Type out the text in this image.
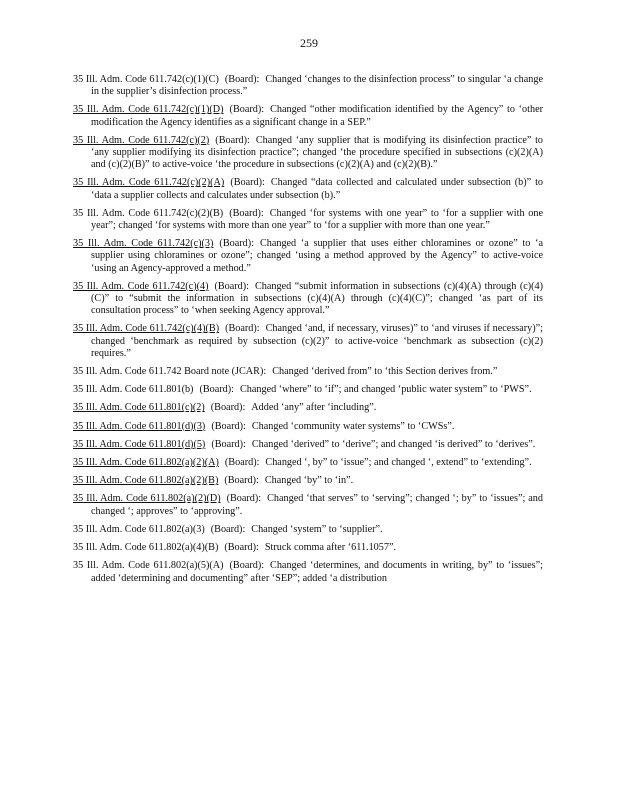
259

35 Ill. Adm. Code 611.742(c)(1)(C) (Board): Changed ‘changes to the disinfection process” to singular ‘a change in the supplier’s disinfection process.”

35 Ill. Adm. Code 611.742(c)(1)(D) (Board): Changed “other modification identified by the Agency” to ‘other modification the Agency identifies as a significant change in a SEP.”

35 Ill. Adm. Code 611.742(c)(2) (Board): Changed ‘any supplier that is modifying its disinfection practice” to ‘any supplier modifying its disinfection practice”; changed ‘the procedure specified in subsections (c)(2)(A) and (c)(2)(B)” to active-voice ‘the procedure in subsections (c)(2)(A) and (c)(2)(B).”

35 Ill. Adm. Code 611.742(c)(2)(A) (Board): Changed “data collected and calculated under subsection (b)” to ‘data a supplier collects and calculates under subsection (b).”

35 Ill. Adm. Code 611.742(c)(2)(B) (Board): Changed ‘for systems with one year” to ‘for a supplier with one year”; changed ‘for systems with more than one year” to ‘for a supplier with more than one year.”

35 Ill. Adm. Code 611.742(c)(3) (Board): Changed ‘a supplier that uses either chloramines or ozone” to ‘a supplier using chloramines or ozone”; changed ‘using a method approved by the Agency” to active-voice ‘using an Agency-approved a method.”

35 Ill. Adm. Code 611.742(c)(4) (Board): Changed “submit information in subsections (c)(4)(A) through (c)(4)(C)” to “submit the information in subsections (c)(4)(A) through (c)(4)(C)”; changed ‘as part of its consultation process” to ‘when seeking Agency approval.”

35 Ill. Adm. Code 611.742(c)(4)(B) (Board): Changed ‘and, if necessary, viruses)” to ‘and viruses if necessary)”; changed ‘benchmark as required by subsection (c)(2)” to active-voice ‘benchmark as subsection (c)(2) requires.”

35 Ill. Adm. Code 611.742 Board note (JCAR): Changed ‘derived from” to ‘this Section derives from.”

35 Ill. Adm. Code 611.801(b) (Board): Changed ‘where” to ‘if”; and changed ‘public water system” to ‘PWS”.

35 Ill. Adm. Code 611.801(c)(2) (Board): Added ‘any” after ‘including”.

35 Ill. Adm. Code 611.801(d)(3) (Board): Changed ‘community water systems” to ‘CWSs”.

35 Ill. Adm. Code 611.801(d)(5) (Board): Changed ‘derived” to ‘derive”; and changed ‘is derived” to ‘derives”.

35 Ill. Adm. Code 611.802(a)(2)(A) (Board): Changed ‘, by” to ‘issue”; and changed ‘, extend” to ‘extending”.

35 Ill. Adm. Code 611.802(a)(2)(B) (Board): Changed ‘by” to ‘in”.

35 Ill. Adm. Code 611.802(a)(2)(D) (Board): Changed ‘that serves” to ‘serving”; changed ‘; by” to ‘issues”; and changed ‘; approves” to ‘approving”.

35 Ill. Adm. Code 611.802(a)(3) (Board): Changed ‘system” to ‘supplier”.

35 Ill. Adm. Code 611.802(a)(4)(B) (Board): Struck comma after ‘611.1057”.

35 Ill. Adm. Code 611.802(a)(5)(A) (Board): Changed ‘determines, and documents in writing, by” to ‘issues”; added ‘determining and documenting” after ‘SEP”; added ‘a distribution
